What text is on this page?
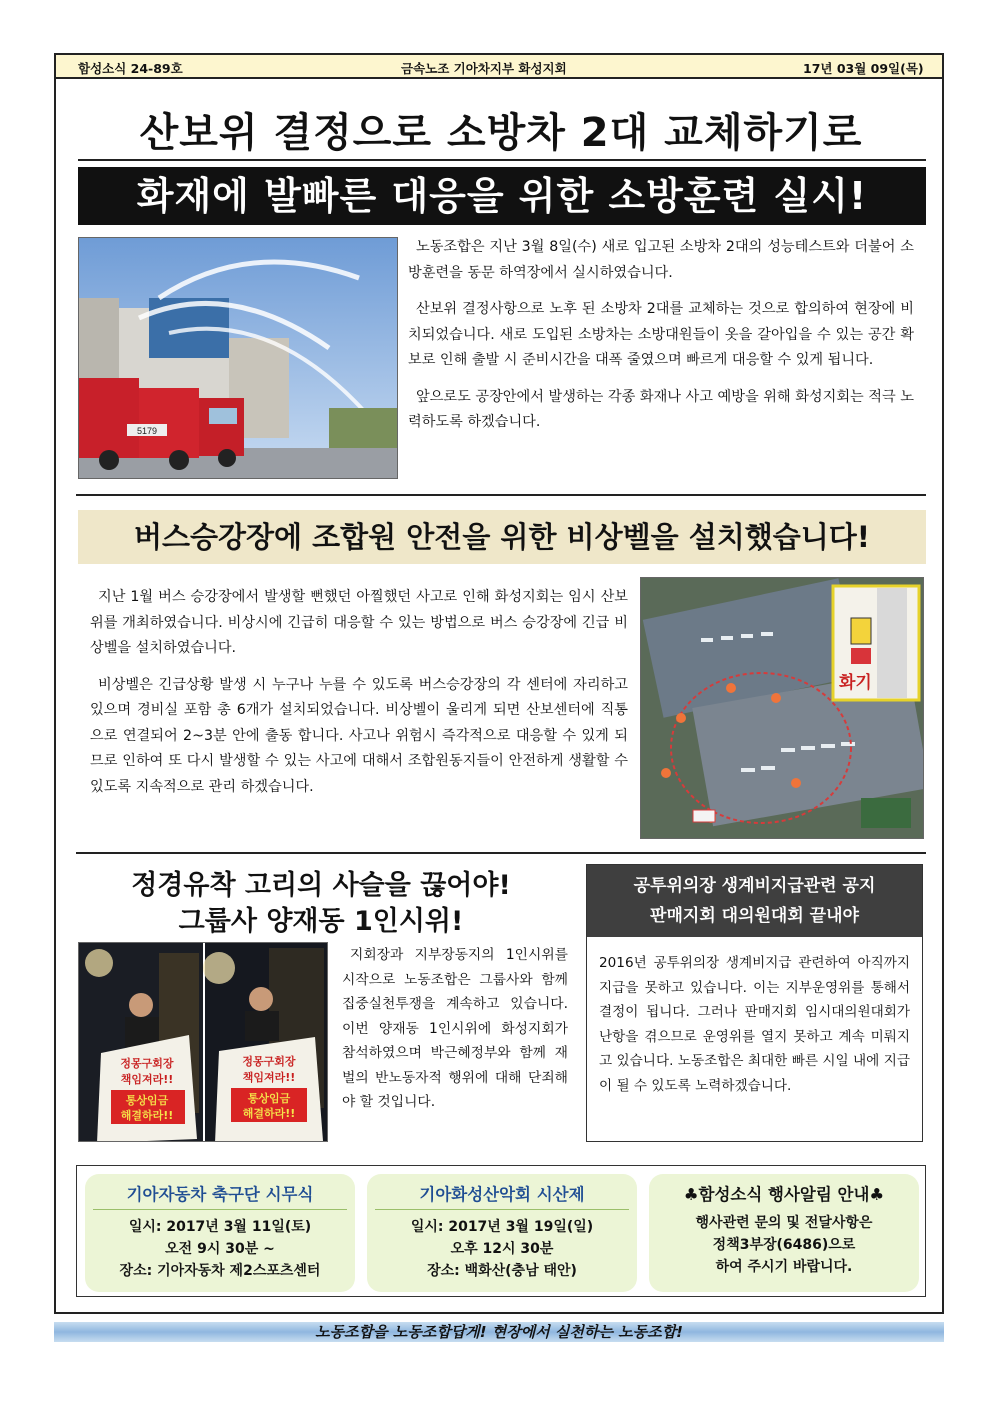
함성소식 24-89호	금속노조 기아차지부 화성지회	17년 03월 09일(목)
산보위 결정으로 소방차 2대 교체하기로
화재에 발빠른 대응을 위한 소방훈련 실시!
5179

노동조합은 지난 3월 8일(수) 새로 입고된 소방차 2대의 성능테스트와 더불어 소방훈련을 동문 하역장에서 실시하였습니다.

산보위 결정사항으로 노후 된 소방차 2대를 교체하는 것으로 합의하여 현장에 비치되었습니다. 새로 도입된 소방차는 소방대원들이 옷을 갈아입을 수 있는 공간 확보로 인해 출발 시 준비시간을 대폭 줄였으며 빠르게 대응할 수 있게 됩니다.

앞으로도 공장안에서 발생하는 각종 화재나 사고 예방을 위해 화성지회는 적극 노력하도록 하겠습니다.

버스승강장에 조합원 안전을 위한 비상벨을 설치했습니다!

지난 1월 버스 승강장에서 발생할 뻔했던 아찔했던 사고로 인해 화성지회는 임시 산보위를 개최하였습니다. 비상시에 긴급히 대응할 수 있는 방법으로 버스 승강장에 긴급 비상벨을 설치하였습니다.

비상벨은 긴급상황 발생 시 누구나 누를 수 있도록 버스승강장의 각 센터에 자리하고 있으며 경비실 포함 총 6개가 설치되었습니다. 비상벨이 울리게 되면 산보센터에 직통으로 연결되어 2~3분 안에 출동 합니다. 사고나 위험시 즉각적으로 대응할 수 있게 되므로 인하여 또 다시 발생할 수 있는 사고에 대해서 조합원동지들이 안전하게 생활할 수 있도록 지속적으로 관리 하겠습니다.

화기
정경유착 고리의 사슬을 끊어야!
그룹사 양재동 1인시위!
정몽구회장
책임져라!!
통상임금
해결하라!!
정몽구회장
책임져라!!
통상임금
해결하라!!

지회장과 지부장동지의 1인시위를 시작으로 노동조합은 그룹사와 함께 집중실천투쟁을 계속하고 있습니다. 이번 양재동 1인시위에 화성지회가 참석하였으며 박근혜정부와 함께 재벌의 반노동자적 행위에 대해 단죄해야 할 것입니다.

공투위의장 생계비지급관련 공지
판매지회 대의원대회 끝내야
2016년 공투위의장 생계비지급 관련하여 아직까지 지급을 못하고 있습니다. 이는 지부운영위를 통해서 결정이 됩니다. 그러나 판매지회 임시대의원대회가 난항을 겪으므로 운영위를 열지 못하고 계속 미뤄지고 있습니다. 노동조합은 최대한 빠른 시일 내에 지급이 될 수 있도록 노력하겠습니다.
기아자동차 축구단 시무식
일시: 2017년 3월 11일(토)
오전 9시 30분 ~
장소: 기아자동차 제2스포츠센터
기아화성산악회 시산제
일시: 2017년 3월 19일(일)
오후 12시 30분
장소: 백화산(충남 태안)
♣함성소식 행사알림 안내♣
행사관련 문의 및 전달사항은
정책3부장(6486)으로
하여 주시기 바랍니다.
노동조합을 노동조합답게! 현장에서 실천하는 노동조합!
